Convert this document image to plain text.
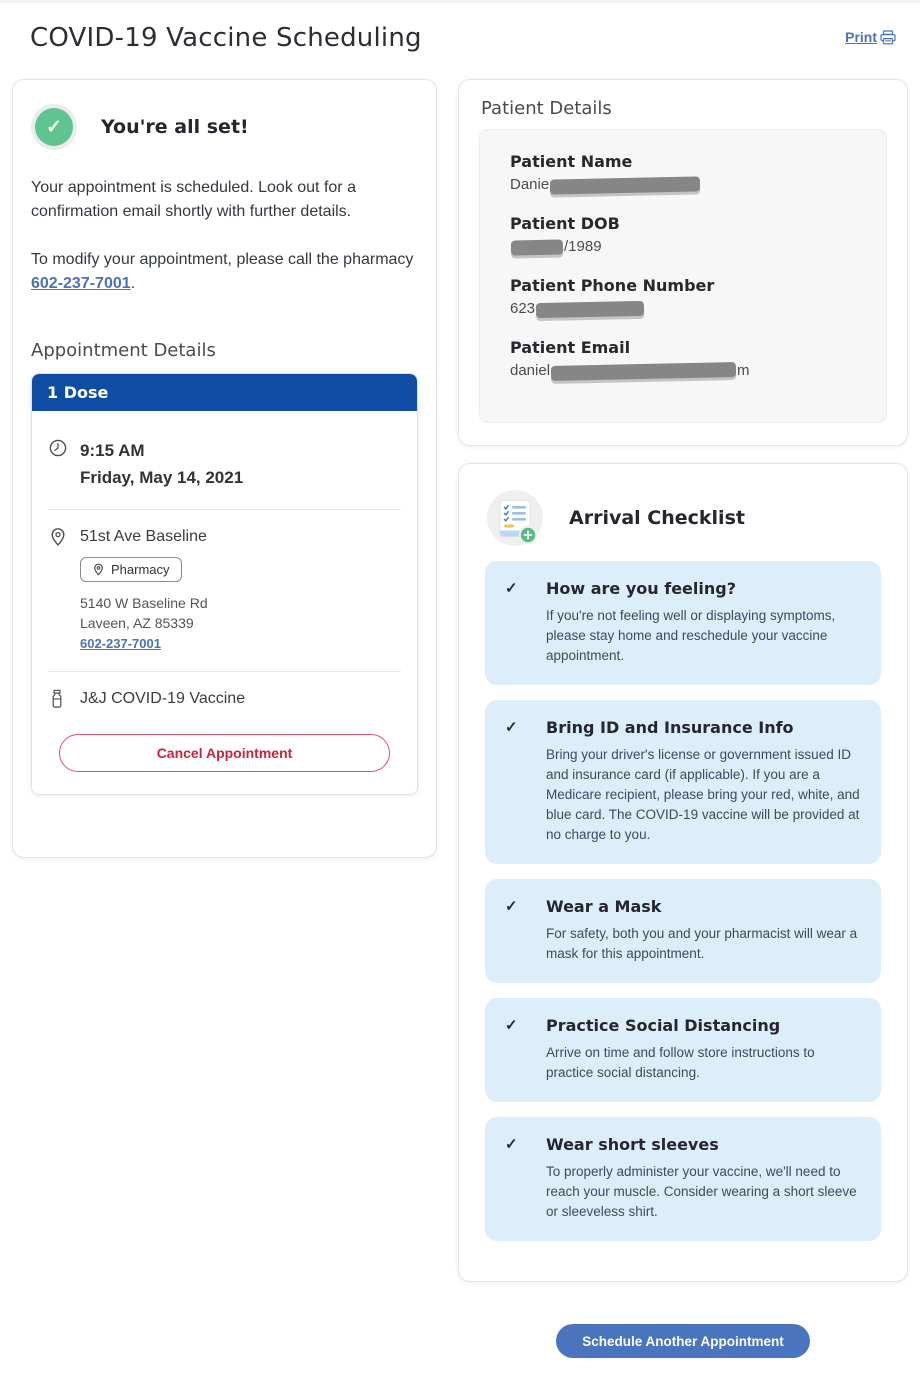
COVID-19 Vaccine Scheduling	Print
✓
You're all set!

Your appointment is scheduled. Look out for a confirmation email shortly with further details.

To modify your appointment, please call the pharmacy 602-237-7001.

Appointment Details
1 Dose
9:15 AM
Friday, May 14, 2021
51st Ave Baseline
Pharmacy
5140 W Baseline Rd
Laveen, AZ 85339
602-237-7001
J&J COVID-19 Vaccine
Cancel Appointment
Patient Details
Patient Name
Danie
Patient DOB
/1989
Patient Phone Number
623
Patient Email
daniel	m
Arrival Checklist
✓
How are you feeling?
If you're not feeling well or displaying symptoms, please stay home and reschedule your vaccine appointment.
✓
Bring ID and Insurance Info
Bring your driver's license or government issued ID and insurance card (if applicable). If you are a Medicare recipient, please bring your red, white, and blue card. The COVID-19 vaccine will be provided at no charge to you.
✓
Wear a Mask
For safety, both you and your pharmacist will wear a mask for this appointment.
✓
Practice Social Distancing
Arrive on time and follow store instructions to practice social distancing.
✓
Wear short sleeves
To properly administer your vaccine, we'll need to reach your muscle. Consider wearing a short sleeve or sleeveless shirt.
Schedule Another Appointment
